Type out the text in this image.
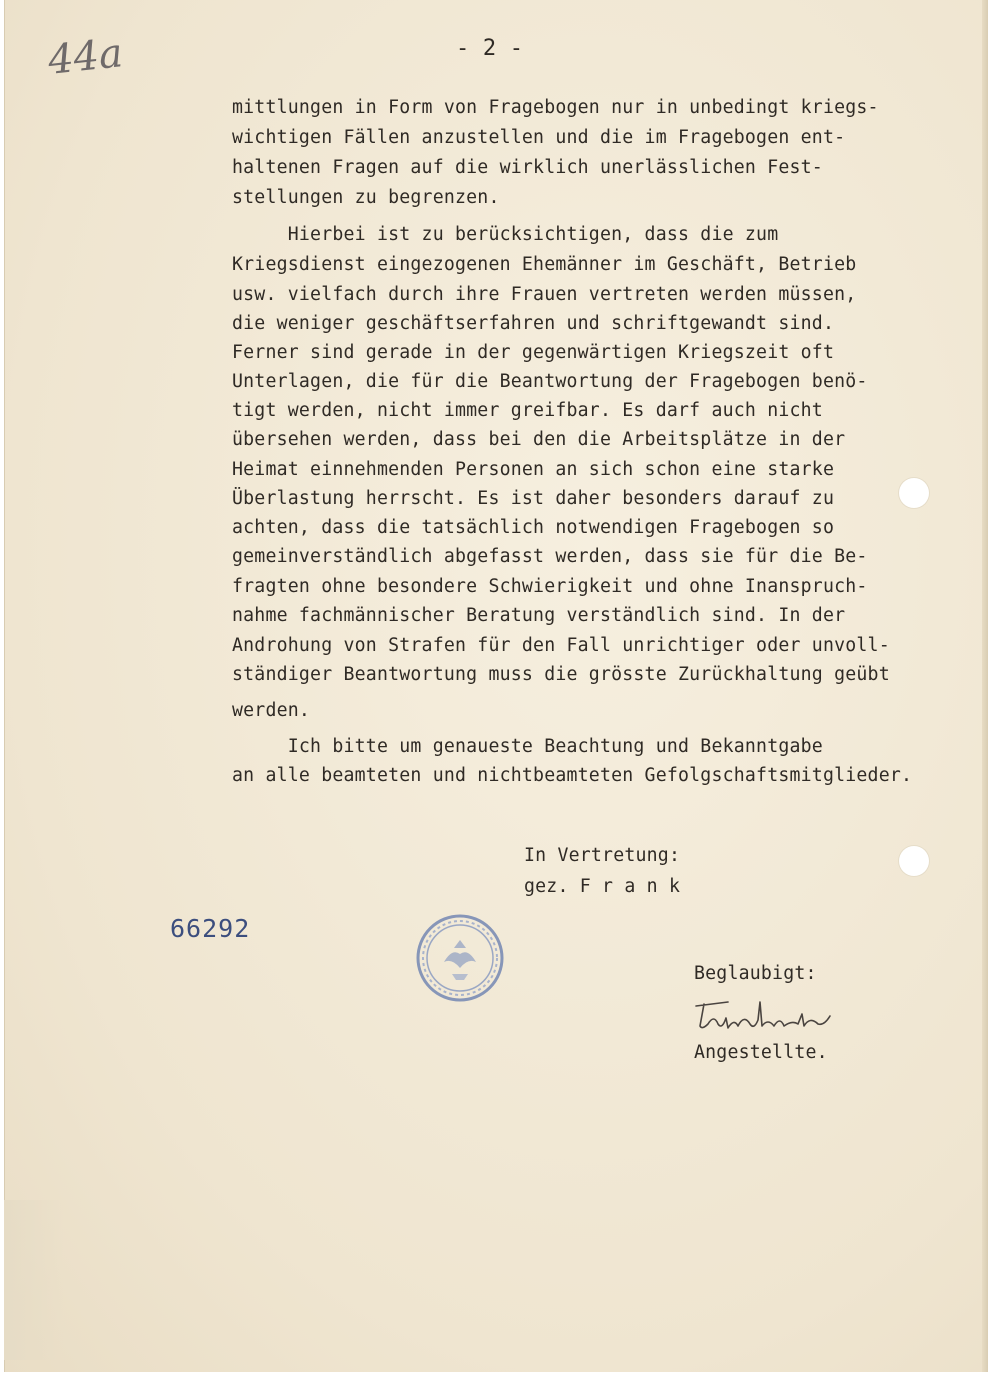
44a	- 2 -
mittlungen in Form von Fragebogen nur in unbedingt kriegs-
wichtigen Fällen anzustellen und die im Fragebogen ent-
haltenen Fragen auf die wirklich unerlässlichen Fest-
stellungen zu begrenzen.
Hierbei ist zu berücksichtigen, dass die zum
Kriegsdienst eingezogenen Ehemänner im Geschäft, Betrieb
usw. vielfach durch ihre Frauen vertreten werden müssen,
die weniger geschäftserfahren und schriftgewandt sind.
Ferner sind gerade in der gegenwärtigen Kriegszeit oft
Unterlagen, die für die Beantwortung der Fragebogen benö-
tigt werden, nicht immer greifbar. Es darf auch nicht
übersehen werden, dass bei den die Arbeitsplätze in der
Heimat einnehmenden Personen an sich schon eine starke
Überlastung herrscht. Es ist daher besonders darauf zu
achten, dass die tatsächlich notwendigen Fragebogen so
gemeinverständlich abgefasst werden, dass sie für die Be-
fragten ohne besondere Schwierigkeit und ohne Inanspruch-
nahme fachmännischer Beratung verständlich sind. In der
Androhung von Strafen für den Fall unrichtiger oder unvoll-
ständiger Beantwortung muss die grösste Zurückhaltung geübt
werden.
Ich bitte um genaueste Beachtung und Bekanntgabe
an alle beamteten und nichtbeamteten Gefolgschaftsmitglieder.
In Vertretung:
gez. F r a n k
66292
Beglaubigt:
Angestellte.
